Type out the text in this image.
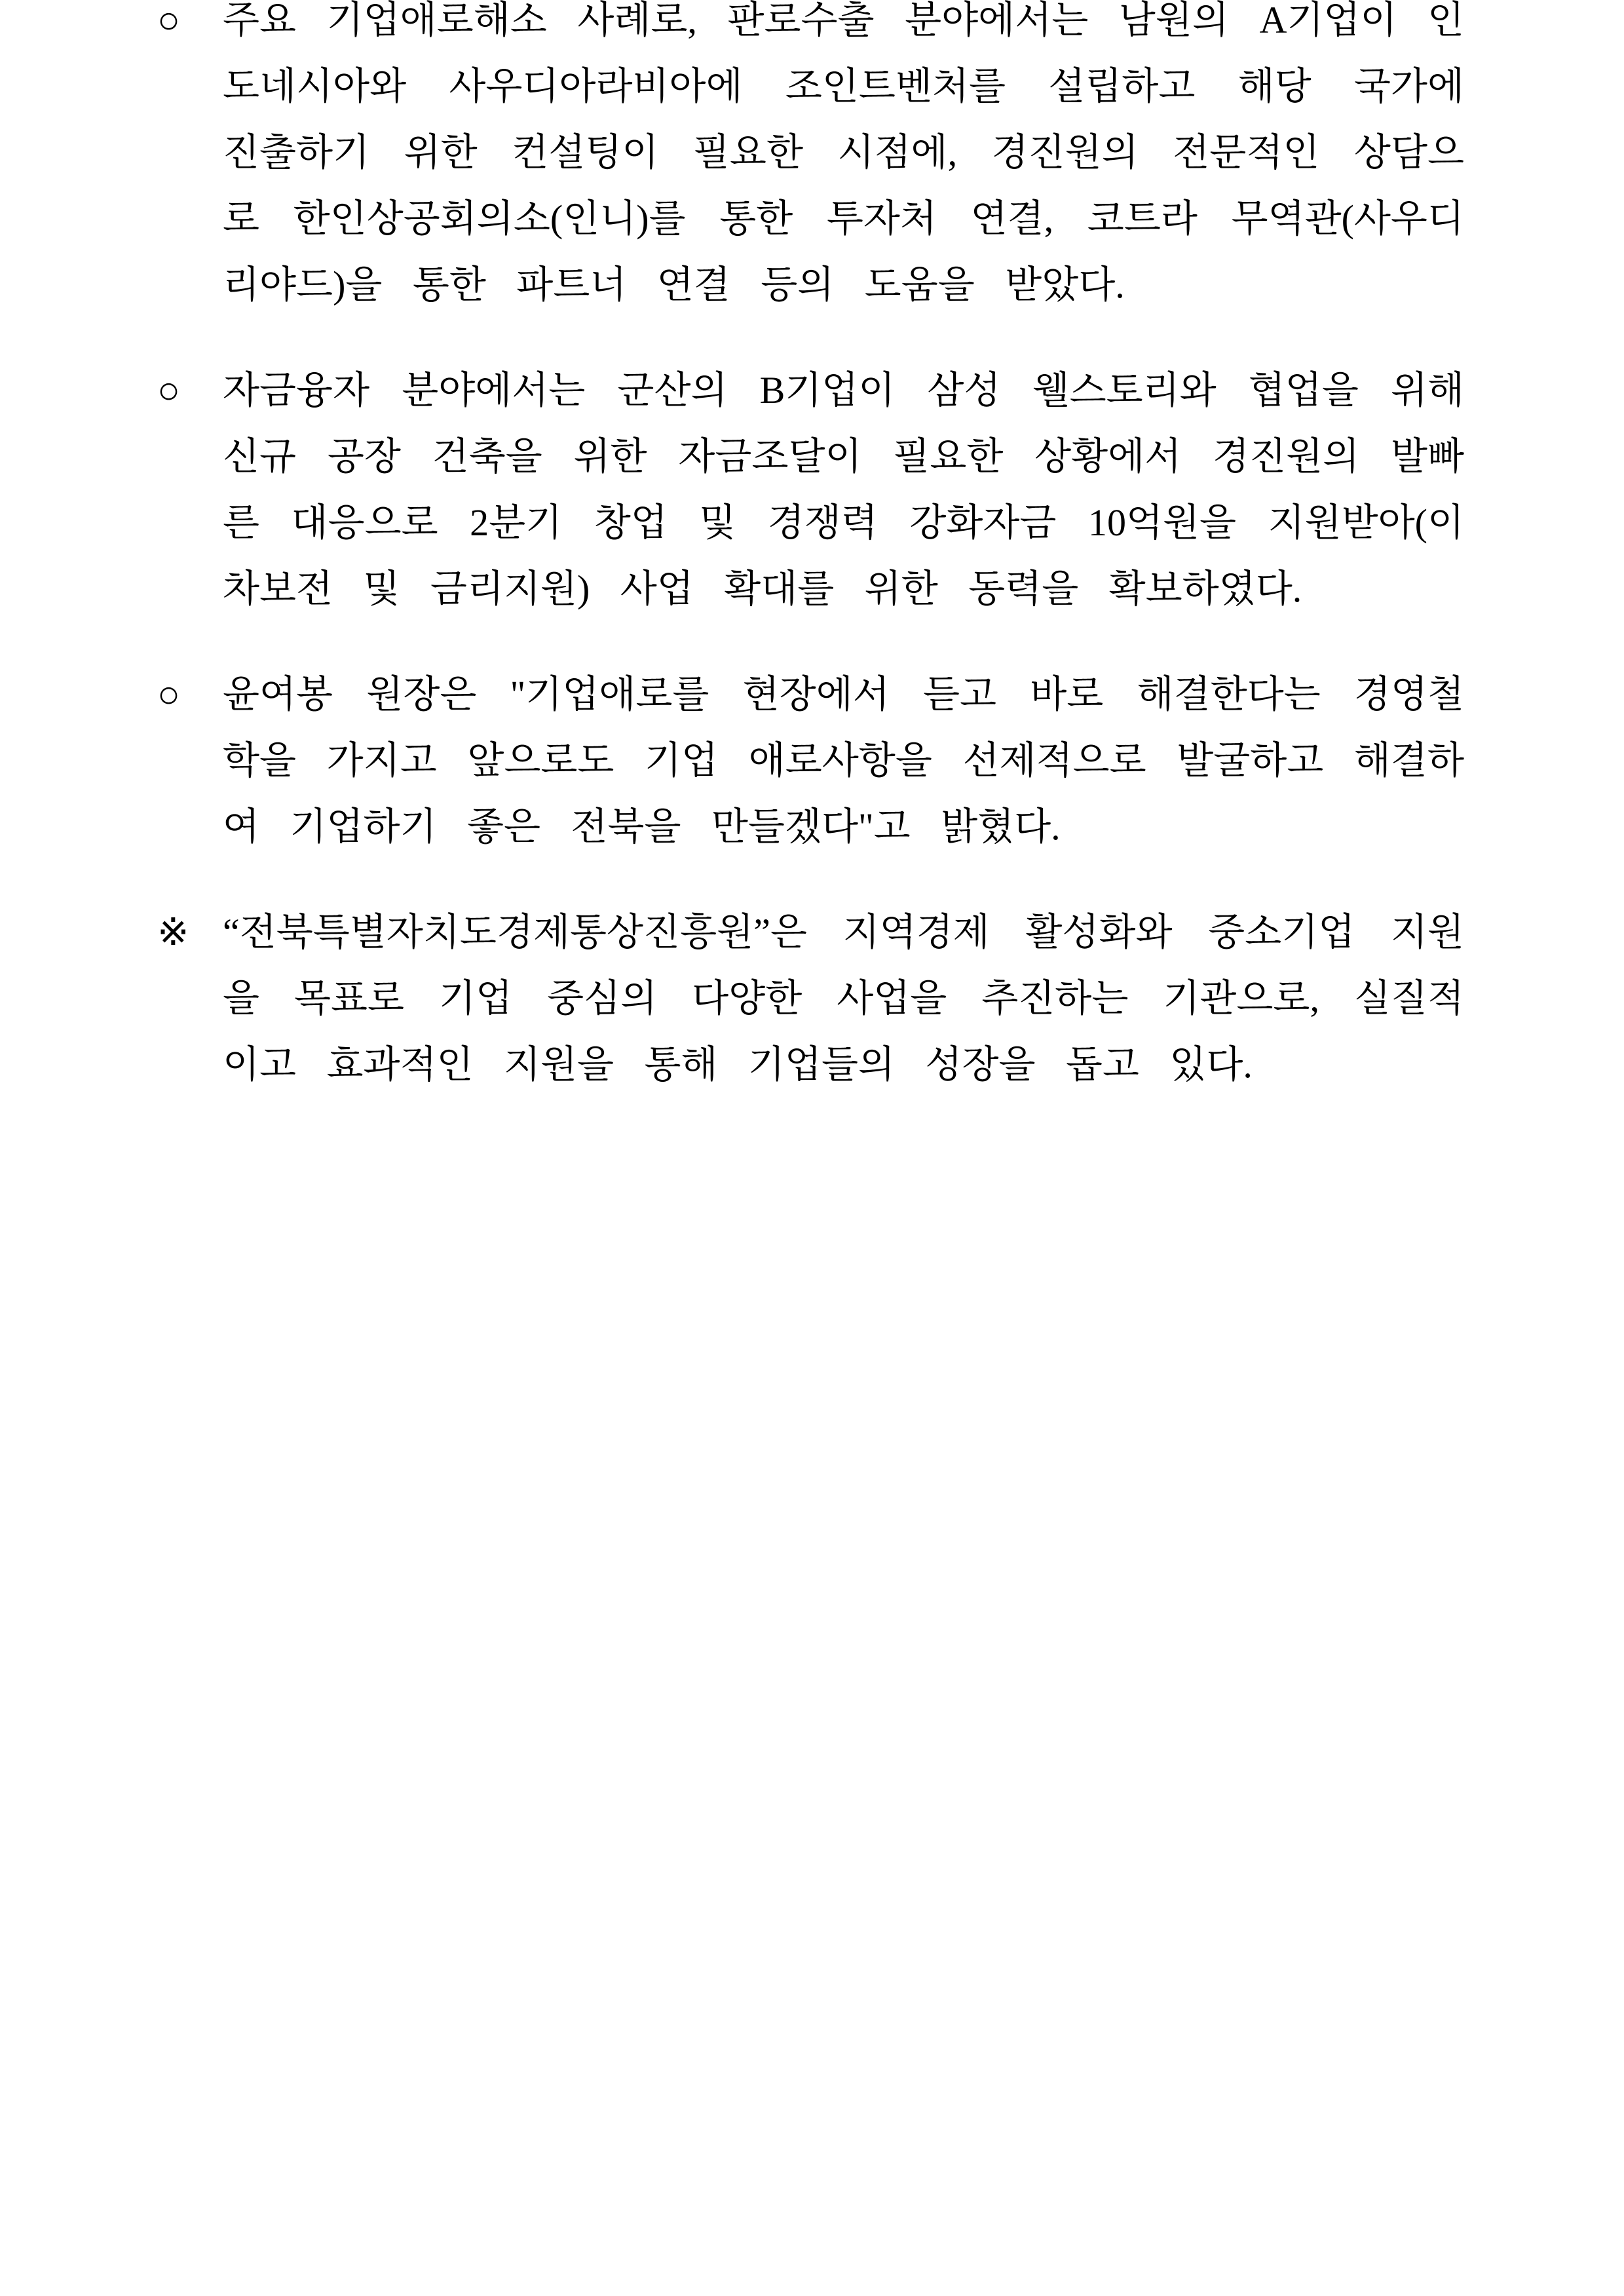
○	주요 기업애로해소 사례로, 판로수출 분야에서는 남원의 A기업이 인도네시아와 사우디아라비아에 조인트벤처를 설립하고 해당 국가에 진출하기 위한 컨설팅이 필요한 시점에, 경진원의 전문적인 상담으로 한인상공회의소(인니)를 통한 투자처 연결, 코트라 무역관(사우디 리야드)을 통한 파트너 연결 등의 도움을 받았다.

○	자금융자 분야에서는 군산의 B기업이 삼성 웰스토리와 협업을 위해 신규 공장 건축을 위한 자금조달이 필요한 상황에서 경진원의 발빠른 대응으로 2분기 창업 및 경쟁력 강화자금 10억원을 지원받아(이차보전 및 금리지원) 사업 확대를 위한 동력을 확보하였다.

○	윤여봉 원장은 "기업애로를 현장에서 듣고 바로 해결한다는 경영철학을 가지고 앞으로도 기업 애로사항을 선제적으로 발굴하고 해결하여 기업하기 좋은 전북을 만들겠다"고 밝혔다.

※ “전북특별자치도경제통상진흥원”은 지역경제 활성화와 중소기업 지원을 목표로 기업 중심의 다양한 사업을 추진하는 기관으로, 실질적이고 효과적인 지원을 통해 기업들의 성장을 돕고 있다.
